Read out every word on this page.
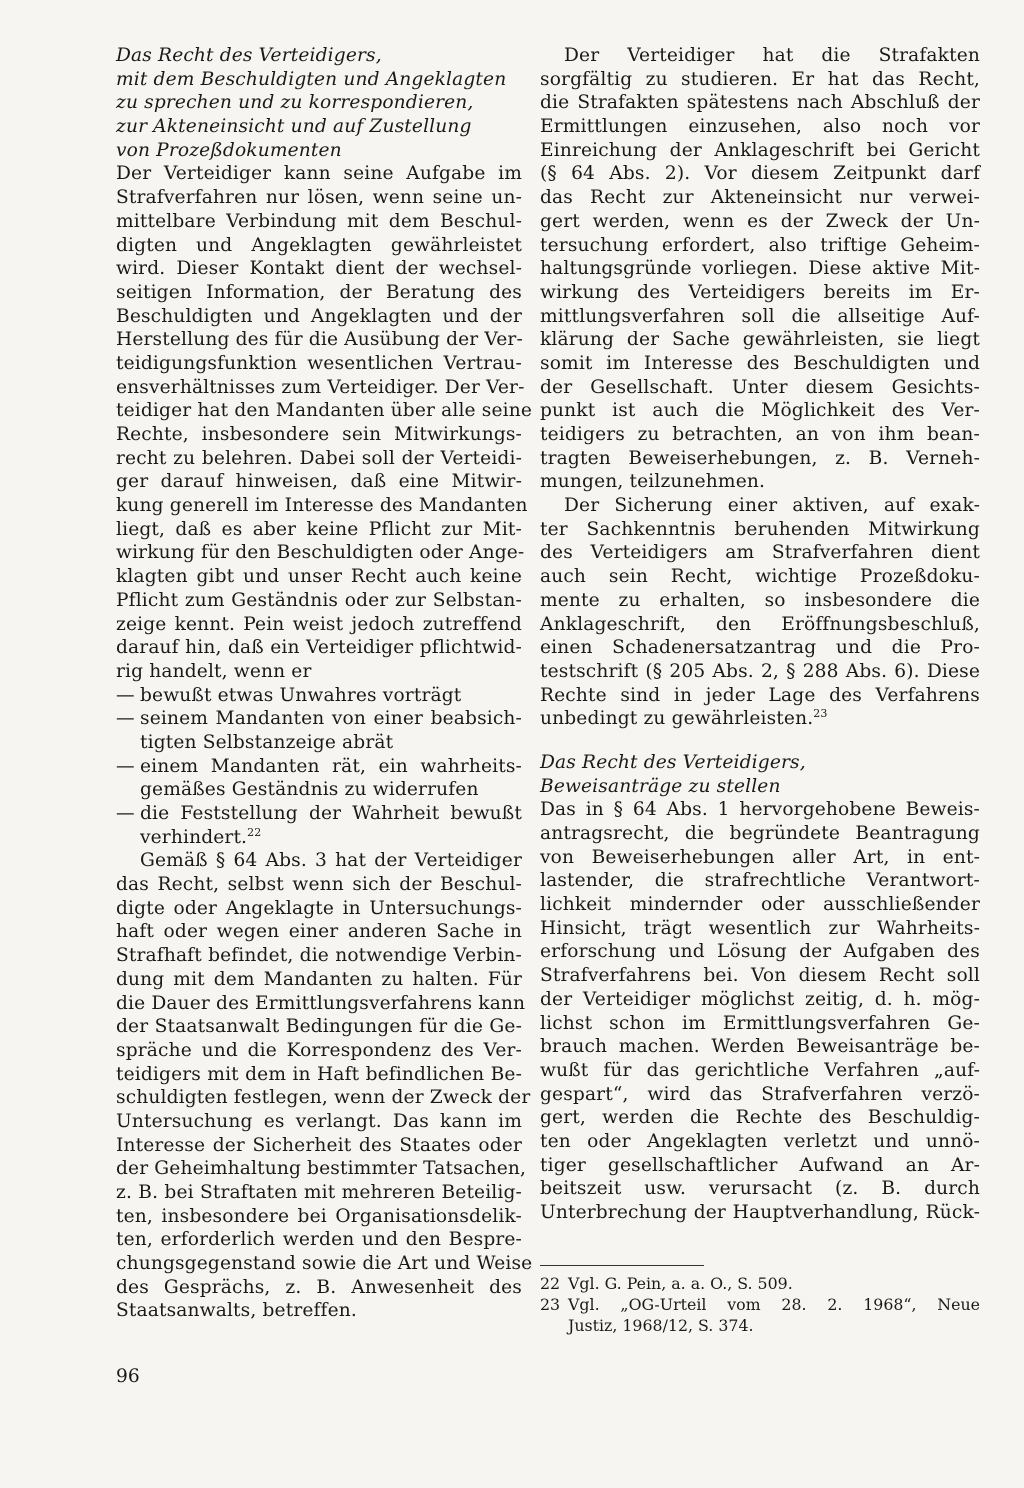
Das Recht des Verteidigers,
mit dem Beschuldigten und Angeklagten
zu sprechen und zu korrespondieren,
zur Akteneinsicht und auf Zustellung
von Prozeßdokumenten
Der Verteidiger kann seine Aufgabe im
Strafverfahren nur lösen, wenn seine un-
mittelbare Verbindung mit dem Beschul-
digten und Angeklagten gewährleistet
wird. Dieser Kontakt dient der wechsel-
seitigen Information, der Beratung des
Beschuldigten und Angeklagten und der
Herstellung des für die Ausübung der Ver-
teidigungsfunktion wesentlichen Vertrau-
ensverhältnisses zum Verteidiger. Der Ver-
teidiger hat den Mandanten über alle seine
Rechte, insbesondere sein Mitwirkungs-
recht zu belehren. Dabei soll der Verteidi-
ger darauf hinweisen, daß eine Mitwir-
kung generell im Interesse des Mandanten
liegt, daß es aber keine Pflicht zur Mit-
wirkung für den Beschuldigten oder Ange-
klagten gibt und unser Recht auch keine
Pflicht zum Geständnis oder zur Selbstan-
zeige kennt. Pein weist jedoch zutreffend
darauf hin, daß ein Verteidiger pflichtwid-
rig handelt, wenn er
— bewußt etwas Unwahres vorträgt
— seinem Mandanten von einer beabsich-
tigten Selbstanzeige abrät
— einem Mandanten rät, ein wahrheits-
gemäßes Geständnis zu widerrufen
— die Feststellung der Wahrheit bewußt
verhindert.$^{22}$
Gemäß § 64 Abs. 3 hat der Verteidiger
das Recht, selbst wenn sich der Beschul-
digte oder Angeklagte in Untersuchungs-
haft oder wegen einer anderen Sache in
Strafhaft befindet, die notwendige Verbin-
dung mit dem Mandanten zu halten. Für
die Dauer des Ermittlungsverfahrens kann
der Staatsanwalt Bedingungen für die Ge-
spräche und die Korrespondenz des Ver-
teidigers mit dem in Haft befindlichen Be-
schuldigten festlegen, wenn der Zweck der
Untersuchung es verlangt. Das kann im
Interesse der Sicherheit des Staates oder
der Geheimhaltung bestimmter Tatsachen,
z. B. bei Straftaten mit mehreren Beteilig-
ten, insbesondere bei Organisationsdelik-
ten, erforderlich werden und den Bespre-
chungsgegenstand sowie die Art und Weise
des Gesprächs, z. B. Anwesenheit des
Staatsanwalts, betreffen.
Der Verteidiger hat die Strafakten
sorgfältig zu studieren. Er hat das Recht,
die Strafakten spätestens nach Abschluß der
Ermittlungen einzusehen, also noch vor
Einreichung der Anklageschrift bei Gericht
(§ 64 Abs. 2). Vor diesem Zeitpunkt darf
das Recht zur Akteneinsicht nur verwei-
gert werden, wenn es der Zweck der Un-
tersuchung erfordert, also triftige Geheim-
haltungsgründe vorliegen. Diese aktive Mit-
wirkung des Verteidigers bereits im Er-
mittlungsverfahren soll die allseitige Auf-
klärung der Sache gewährleisten, sie liegt
somit im Interesse des Beschuldigten und
der Gesellschaft. Unter diesem Gesichts-
punkt ist auch die Möglichkeit des Ver-
teidigers zu betrachten, an von ihm bean-
tragten Beweiserhebungen, z. B. Verneh-
mungen, teilzunehmen.
Der Sicherung einer aktiven, auf exak-
ter Sachkenntnis beruhenden Mitwirkung
des Verteidigers am Strafverfahren dient
auch sein Recht, wichtige Prozeßdoku-
mente zu erhalten, so insbesondere die
Anklageschrift, den Eröffnungsbeschluß,
einen Schadenersatzantrag und die Pro-
testschrift (§ 205 Abs. 2, § 288 Abs. 6). Diese
Rechte sind in jeder Lage des Verfahrens
unbedingt zu gewährleisten.$^{23}$
Das Recht des Verteidigers,
Beweisanträge zu stellen
Das in § 64 Abs. 1 hervorgehobene Beweis-
antragsrecht, die begründete Beantragung
von Beweiserhebungen aller Art, in ent-
lastender, die strafrechtliche Verantwort-
lichkeit mindernder oder ausschließender
Hinsicht, trägt wesentlich zur Wahrheits-
erforschung und Lösung der Aufgaben des
Strafverfahrens bei. Von diesem Recht soll
der Verteidiger möglichst zeitig, d. h. mög-
lichst schon im Ermittlungsverfahren Ge-
brauch machen. Werden Beweisanträge be-
wußt für das gerichtliche Verfahren „auf-
gespart“, wird das Strafverfahren verzö-
gert, werden die Rechte des Beschuldig-
ten oder Angeklagten verletzt und unnö-
tiger gesellschaftlicher Aufwand an Ar-
beitszeit usw. verursacht (z. B. durch
Unterbrechung der Hauptverhandlung, Rück-
22 Vgl. G. Pein, a. a. O., S. 509.
23 Vgl. „OG-Urteil vom 28. 2. 1968“, Neue
Justiz, 1968/12, S. 374.
96
